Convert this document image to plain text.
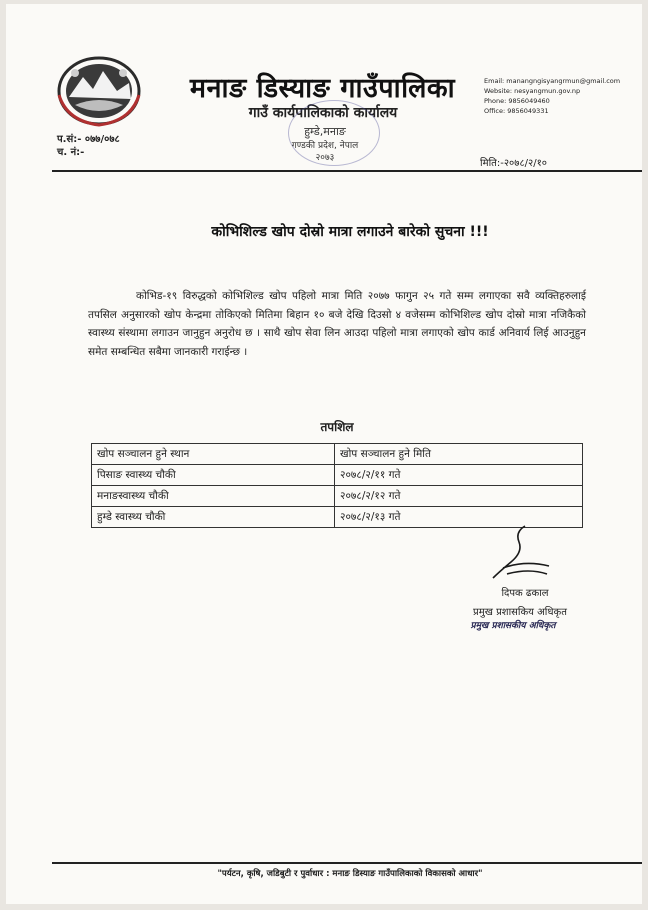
मनाङ डिस्याङ गाउँपालिका
गाउँ कार्यपालिकाको कार्यालय
हुम्डे,मनाङ
गण्डकी प्रदेश, नेपाल
२०७३
Email: manangngisyangrmun@gmail.com
Website: nesyangmun.gov.np
Phone: 9856049460
Office: 9856049331
प.सं:- ०७७/०७८
च. नं:-
मिति:-२०७८/२/१०
कोभिशिल्ड खोप दोस्रो मात्रा लगाउने बारेको सुचना !!!
कोभिड-१९ विरुद्धको कोभिशिल्ड खोप पहिलो मात्रा मिति २०७७ फागुन २५ गते सम्म लगाएका सवै व्यक्तिहरुलाई तपसिल अनुसारको खोप केन्द्रमा तोकिएको मितिमा बिहान १० बजे देखि दिउसो ४ वजेसम्म कोभिशिल्ड खोप दोस्रो मात्रा नजिकैको स्वास्थ्य संस्थामा लगाउन जानुहुन अनुरोध छ । साथै खोप सेवा लिन आउदा पहिलो मात्रा लगाएको खोप कार्ड अनिवार्य लिई आउनुहुन समेत सम्बन्धित सबैमा जानकारी गराईन्छ ।
तपशिल
खोप सञ्चालन हुने स्थान	खोप सञ्चालन हुने मिति
पिसाङ स्वास्थ्य चौकी	२०७८/२/११ गते
मनाङस्वास्थ्य चौकी	२०७८/२/१२ गते
हुम्डे स्वास्थ्य चौकी	२०७८/२/१३ गते
दिपक ढकाल
प्रमुख प्रशासकिय अधिकृत
प्रमुख प्रशासकीय अधिकृत
"पर्यटन, कृषि, जडिबुटी र पुर्वाधार : मनाङ डिस्याङ गाउँपालिकाको विकासको आधार"
